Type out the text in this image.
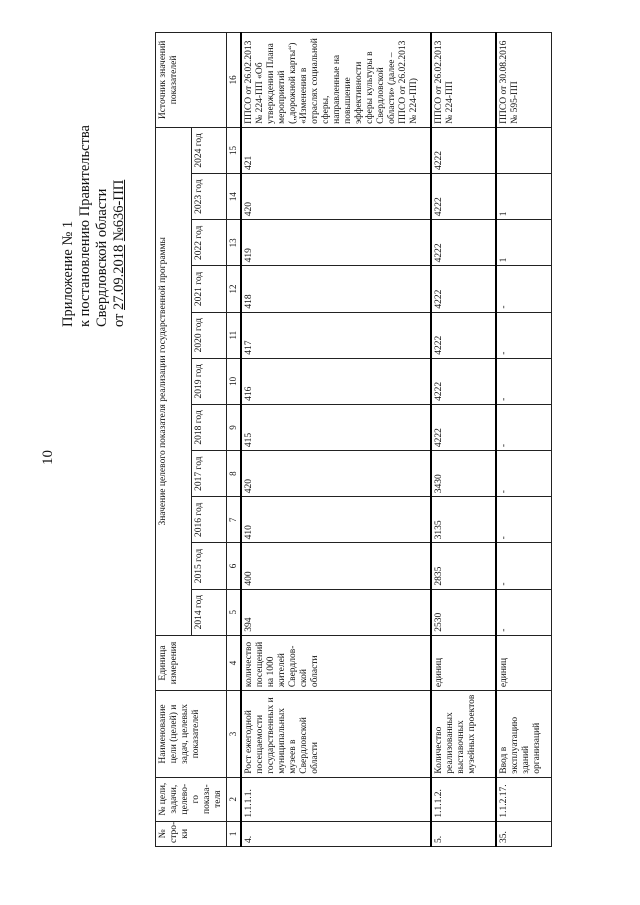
10
Приложение № 1 к постановлению Правительства Свердловской области от 27.09.2018 №636-ПП
№ стро-ки	№ цели, задачи, целево-го показа-теля	Наименование цели (целей) и задач, целевых показателей	Единица измерения	Значение целевого показателя реализации государственной программы											Источник значений показателей
				2014 год	2015 год	2016 год	2017 год	2018 год	2019 год	2020 год	2021 год	2022 год	2023 год	2024 год	
1	2	3	4	5	6	7	8	9	10	11	12	13	14	15	16
4.	1.1.1.1.	Рост ежегодной посещаемости государственных и муниципальных музеев в Свердловской области	количество посещений на 1000 жителей Свердлов-ской области	394	400	410	420	415	416	417	418	419	420	421	ППСО от 26.02.2013 № 224-ПП «Об утверждении Плана мероприятий („дорожной карты“) «Изменения в отраслях социальной сферы, направленные на повышение эффективности сферы культуры в Свердловской области» (далее – ППСО от 26.02.2013 № 224-ПП)
5.	1.1.1.2.	Количество реализованных выставочных музейных проектов	единиц	2530	2835	3135	3430	4222	4222	4222	4222	4222	4222	4222	ППСО от 26.02.2013 № 224-ПП
35.	1.1.2.17.	Ввод в эксплуатацию зданий организаций	единиц	-	-	-	-	-	-	-	-	1	1		ППСО от 30.08.2016 № 595-ПП
